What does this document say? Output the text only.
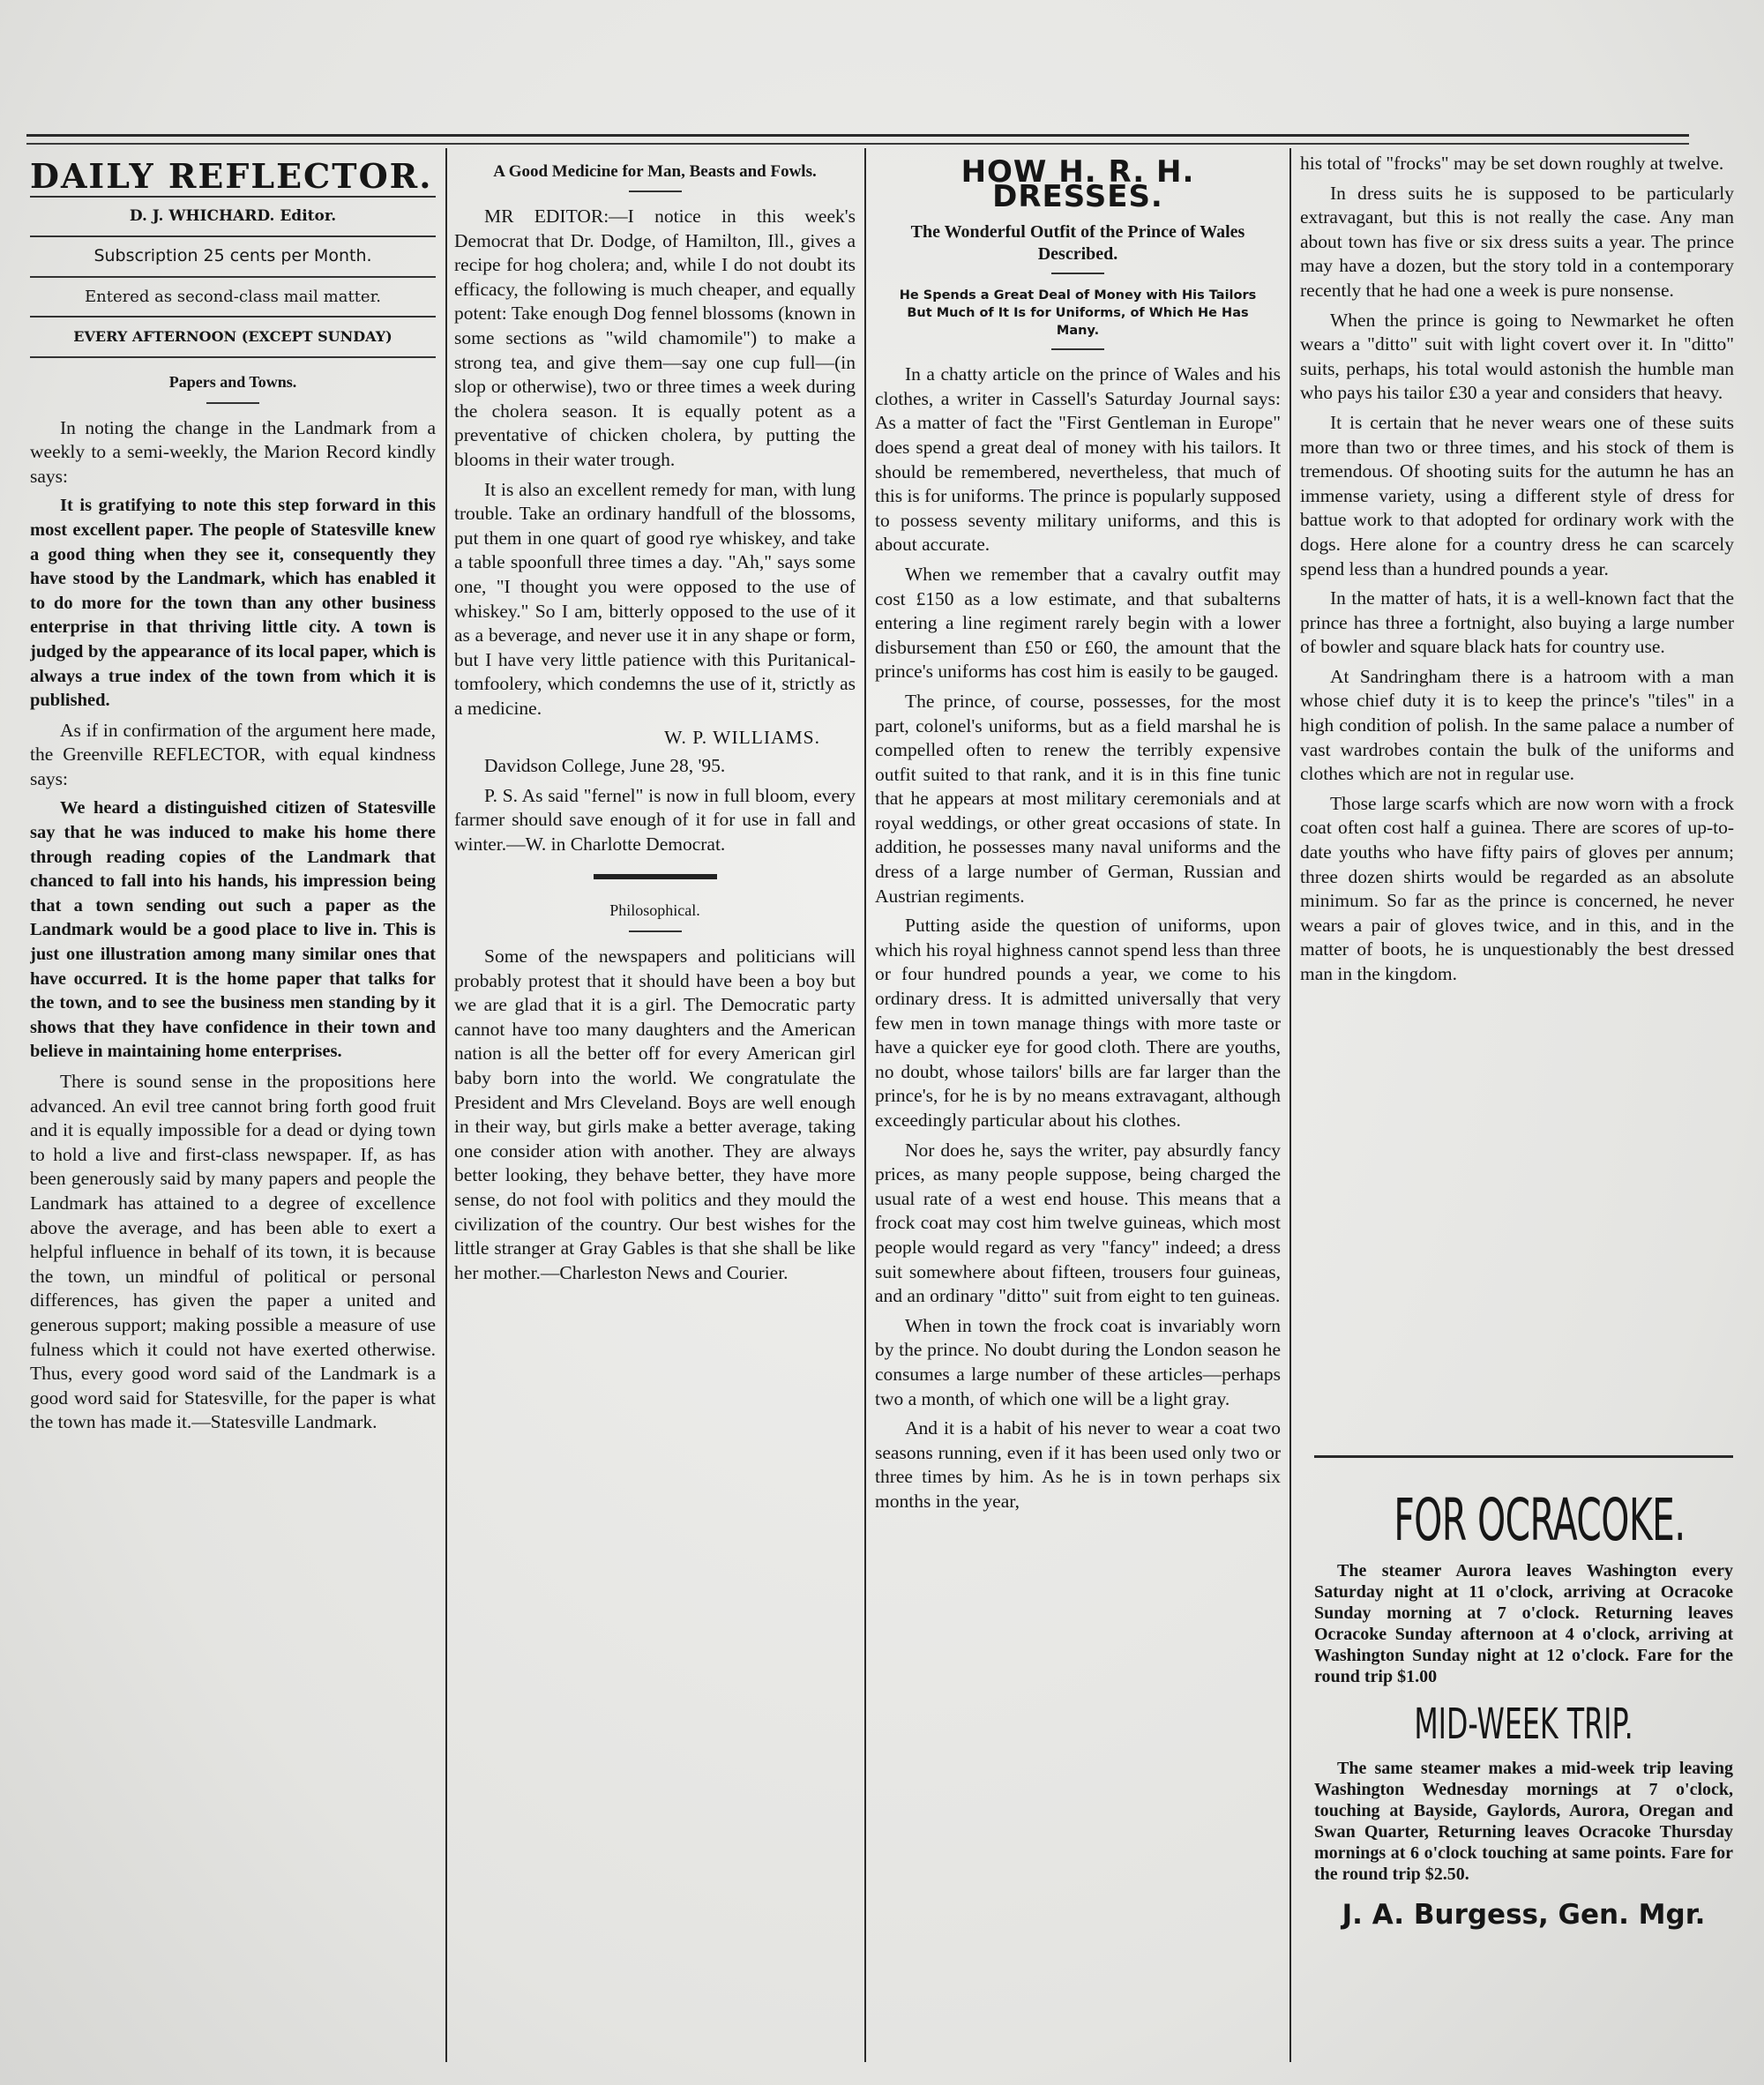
DAILY REFLECTOR.
D. J. WHICHARD. Editor.
Subscription 25 cents per Month.
Entered as second-class mail matter.
EVERY AFTERNOON (EXCEPT SUNDAY)
Papers and Towns.

In noting the change in the Landmark from a weekly to a semi-weekly, the Marion Record kindly says:

It is gratifying to note this step forward in this most excellent paper. The people of Statesville knew a good thing when they see it, consequently they have stood by the Landmark, which has enabled it to do more for the town than any other business enterprise in that thriving little city. A town is judged by the appearance of its local paper, which is always a true index of the town from which it is published.

As if in confirmation of the argument here made, the Greenville REFLECTOR, with equal kindness says:

We heard a distinguished citizen of Statesville say that he was induced to make his home there through reading copies of the Landmark that chanced to fall into his hands, his impression being that a town sending out such a paper as the Landmark would be a good place to live in. This is just one illustration among many similar ones that have occurred. It is the home paper that talks for the town, and to see the business men standing by it shows that they have confidence in their town and believe in maintaining home enterprises.

There is sound sense in the propositions here advanced. An evil tree cannot bring forth good fruit and it is equally impossible for a dead or dying town to hold a live and first-class newspaper. If, as has been generously said by many papers and people the Landmark has attained to a degree of excellence above the average, and has been able to exert a helpful influence in behalf of its town, it is because the town, un mindful of political or personal differences, has given the paper a united and generous support; making possible a measure of use fulness which it could not have exerted otherwise. Thus, every good word said of the Landmark is a good word said for Statesville, for the paper is what the town has made it.—Statesville Landmark.

A Good Medicine for Man, Beasts and Fowls.

MR EDITOR:—I notice in this week's Democrat that Dr. Dodge, of Hamilton, Ill., gives a recipe for hog cholera; and, while I do not doubt its efficacy, the following is much cheaper, and equally potent: Take enough Dog fennel blossoms (known in some sections as "wild chamomile") to make a strong tea, and give them—say one cup full—(in slop or otherwise), two or three times a week during the cholera season. It is equally potent as a preventative of chicken cholera, by putting the blooms in their water trough.

It is also an excellent remedy for man, with lung trouble. Take an ordinary handfull of the blossoms, put them in one quart of good rye whiskey, and take a table spoonfull three times a day. "Ah," says some one, "I thought you were opposed to the use of whiskey." So I am, bitterly opposed to the use of it as a beverage, and never use it in any shape or form, but I have very little patience with this Puritanical-tomfoolery, which condemns the use of it, strictly as a medicine.

W. P. WILLIAMS.

Davidson College, June 28, '95.

P. S. As said "fernel" is now in full bloom, every farmer should save enough of it for use in fall and winter.—W. in Charlotte Democrat.

Philosophical.

Some of the newspapers and politicians will probably protest that it should have been a boy but we are glad that it is a girl. The Democratic party cannot have too many daughters and the American nation is all the better off for every American girl baby born into the world. We congratulate the President and Mrs Cleveland. Boys are well enough in their way, but girls make a better average, taking one consider ation with another. They are always better looking, they behave better, they have more sense, do not fool with politics and they mould the civilization of the country. Our best wishes for the little stranger at Gray Gables is that she shall be like her mother.—Charleston News and Courier.

HOW H. R. H. DRESSES.
The Wonderful Outfit of the Prince of Wales Described.
He Spends a Great Deal of Money with His Tailors But Much of It Is for Uniforms, of Which He Has Many.

In a chatty article on the prince of Wales and his clothes, a writer in Cassell's Saturday Journal says: As a matter of fact the "First Gentleman in Europe" does spend a great deal of money with his tailors. It should be remembered, nevertheless, that much of this is for uniforms. The prince is popularly supposed to possess seventy military uniforms, and this is about accurate.

When we remember that a cavalry outfit may cost £150 as a low estimate, and that subalterns entering a line regiment rarely begin with a lower disbursement than £50 or £60, the amount that the prince's uniforms has cost him is easily to be gauged.

The prince, of course, possesses, for the most part, colonel's uniforms, but as a field marshal he is compelled often to renew the terribly expensive outfit suited to that rank, and it is in this fine tunic that he appears at most military ceremonials and at royal weddings, or other great occasions of state. In addition, he possesses many naval uniforms and the dress of a large number of German, Russian and Austrian regiments.

Putting aside the question of uniforms, upon which his royal highness cannot spend less than three or four hundred pounds a year, we come to his ordinary dress. It is admitted universally that very few men in town manage things with more taste or have a quicker eye for good cloth. There are youths, no doubt, whose tailors' bills are far larger than the prince's, for he is by no means extravagant, although exceedingly particular about his clothes.

Nor does he, says the writer, pay absurdly fancy prices, as many people suppose, being charged the usual rate of a west end house. This means that a frock coat may cost him twelve guineas, which most people would regard as very "fancy" indeed; a dress suit somewhere about fifteen, trousers four guineas, and an ordinary "ditto" suit from eight to ten guineas.

When in town the frock coat is invariably worn by the prince. No doubt during the London season he consumes a large number of these articles—perhaps two a month, of which one will be a light gray.

And it is a habit of his never to wear a coat two seasons running, even if it has been used only two or three times by him. As he is in town perhaps six months in the year,

his total of "frocks" may be set down roughly at twelve.

In dress suits he is supposed to be particularly extravagant, but this is not really the case. Any man about town has five or six dress suits a year. The prince may have a dozen, but the story told in a contemporary recently that he had one a week is pure nonsense.

When the prince is going to Newmarket he often wears a "ditto" suit with light covert over it. In "ditto" suits, perhaps, his total would astonish the humble man who pays his tailor £30 a year and considers that heavy.

It is certain that he never wears one of these suits more than two or three times, and his stock of them is tremendous. Of shooting suits for the autumn he has an immense variety, using a different style of dress for battue work to that adopted for ordinary work with the dogs. Here alone for a country dress he can scarcely spend less than a hundred pounds a year.

In the matter of hats, it is a well-known fact that the prince has three a fortnight, also buying a large number of bowler and square black hats for country use.

At Sandringham there is a hatroom with a man whose chief duty it is to keep the prince's "tiles" in a high condition of polish. In the same palace a number of vast wardrobes contain the bulk of the uniforms and clothes which are not in regular use.

Those large scarfs which are now worn with a frock coat often cost half a guinea. There are scores of up-to-date youths who have fifty pairs of gloves per annum; three dozen shirts would be regarded as an absolute minimum. So far as the prince is concerned, he never wears a pair of gloves twice, and in this, and in the matter of boots, he is unquestionably the best dressed man in the kingdom.

FOR OCRACOKE.

The steamer Aurora leaves Washington every Saturday night at 11 o'clock, arriving at Ocracoke Sunday morning at 7 o'clock. Returning leaves Ocracoke Sunday afternoon at 4 o'clock, arriving at Washington Sunday night at 12 o'clock. Fare for the round trip $1.00

MID-WEEK TRIP.

The same steamer makes a mid-week trip leaving Washington Wednesday mornings at 7 o'clock, touching at Bayside, Gaylords, Aurora, Oregan and Swan Quarter, Returning leaves Ocracoke Thursday mornings at 6 o'clock touching at same points. Fare for the round trip $2.50.

J. A. Burgess, Gen. Mgr.
